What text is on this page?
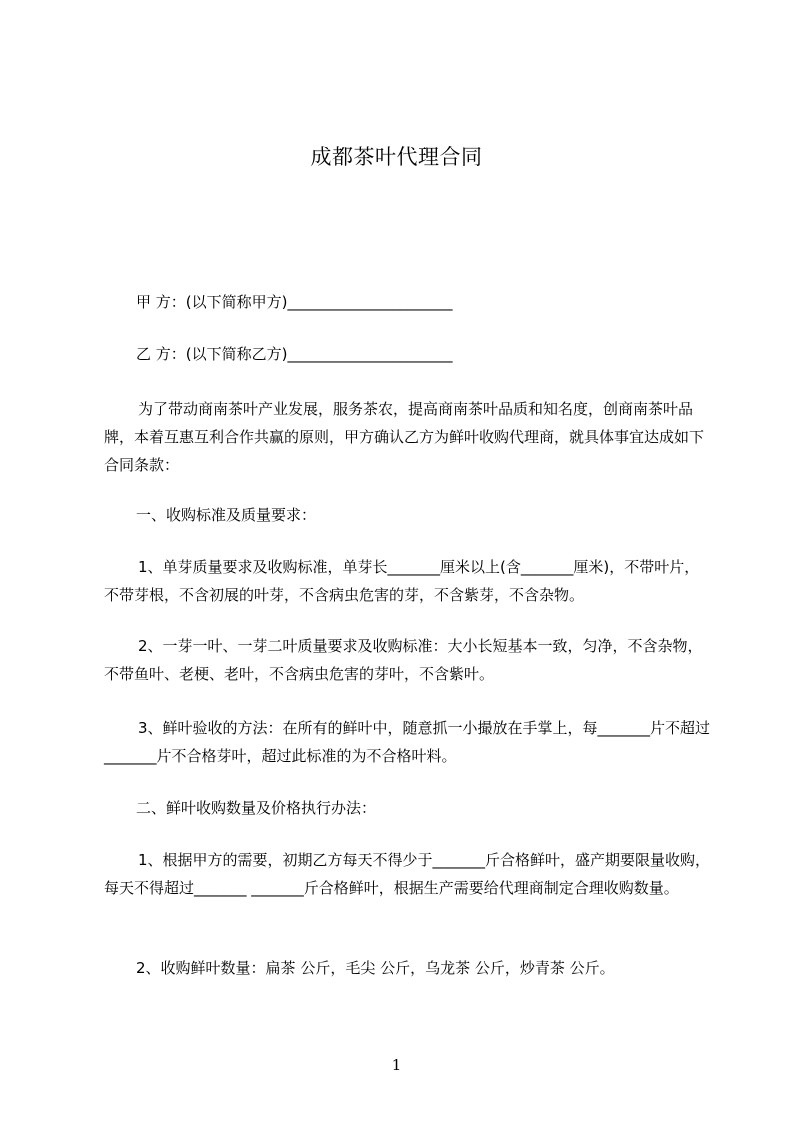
成都茶叶代理合同
甲 方：(以下简称甲方)______________________
乙 方：(以下简称乙方)______________________
为了带动商南茶叶产业发展，服务茶农，提高商南茶叶品质和知名度，创商南茶叶品牌，本着互惠互利合作共赢的原则，甲方确认乙方为鲜叶收购代理商，就具体事宜达成如下合同条款：
一、收购标准及质量要求：
1、单芽质量要求及收购标准，单芽长_______厘米以上(含_______厘米)，不带叶片，不带芽根，不含初展的叶芽，不含病虫危害的芽，不含紫芽，不含杂物。
2、一芽一叶、一芽二叶质量要求及收购标准：大小长短基本一致，匀净，不含杂物，不带鱼叶、老梗、老叶，不含病虫危害的芽叶，不含紫叶。
3、鲜叶验收的方法：在所有的鲜叶中，随意抓一小撮放在手掌上，每_______片不超过_______片不合格芽叶，超过此标准的为不合格叶料。
二、鲜叶收购数量及价格执行办法：
1、根据甲方的需要，初期乙方每天不得少于_______斤合格鲜叶，盛产期要限量收购，每天不得超过_______ _______斤合格鲜叶，根据生产需要给代理商制定合理收购数量。
2、收购鲜叶数量：扁茶 公斤，毛尖 公斤，乌龙茶 公斤，炒青茶 公斤。
1
